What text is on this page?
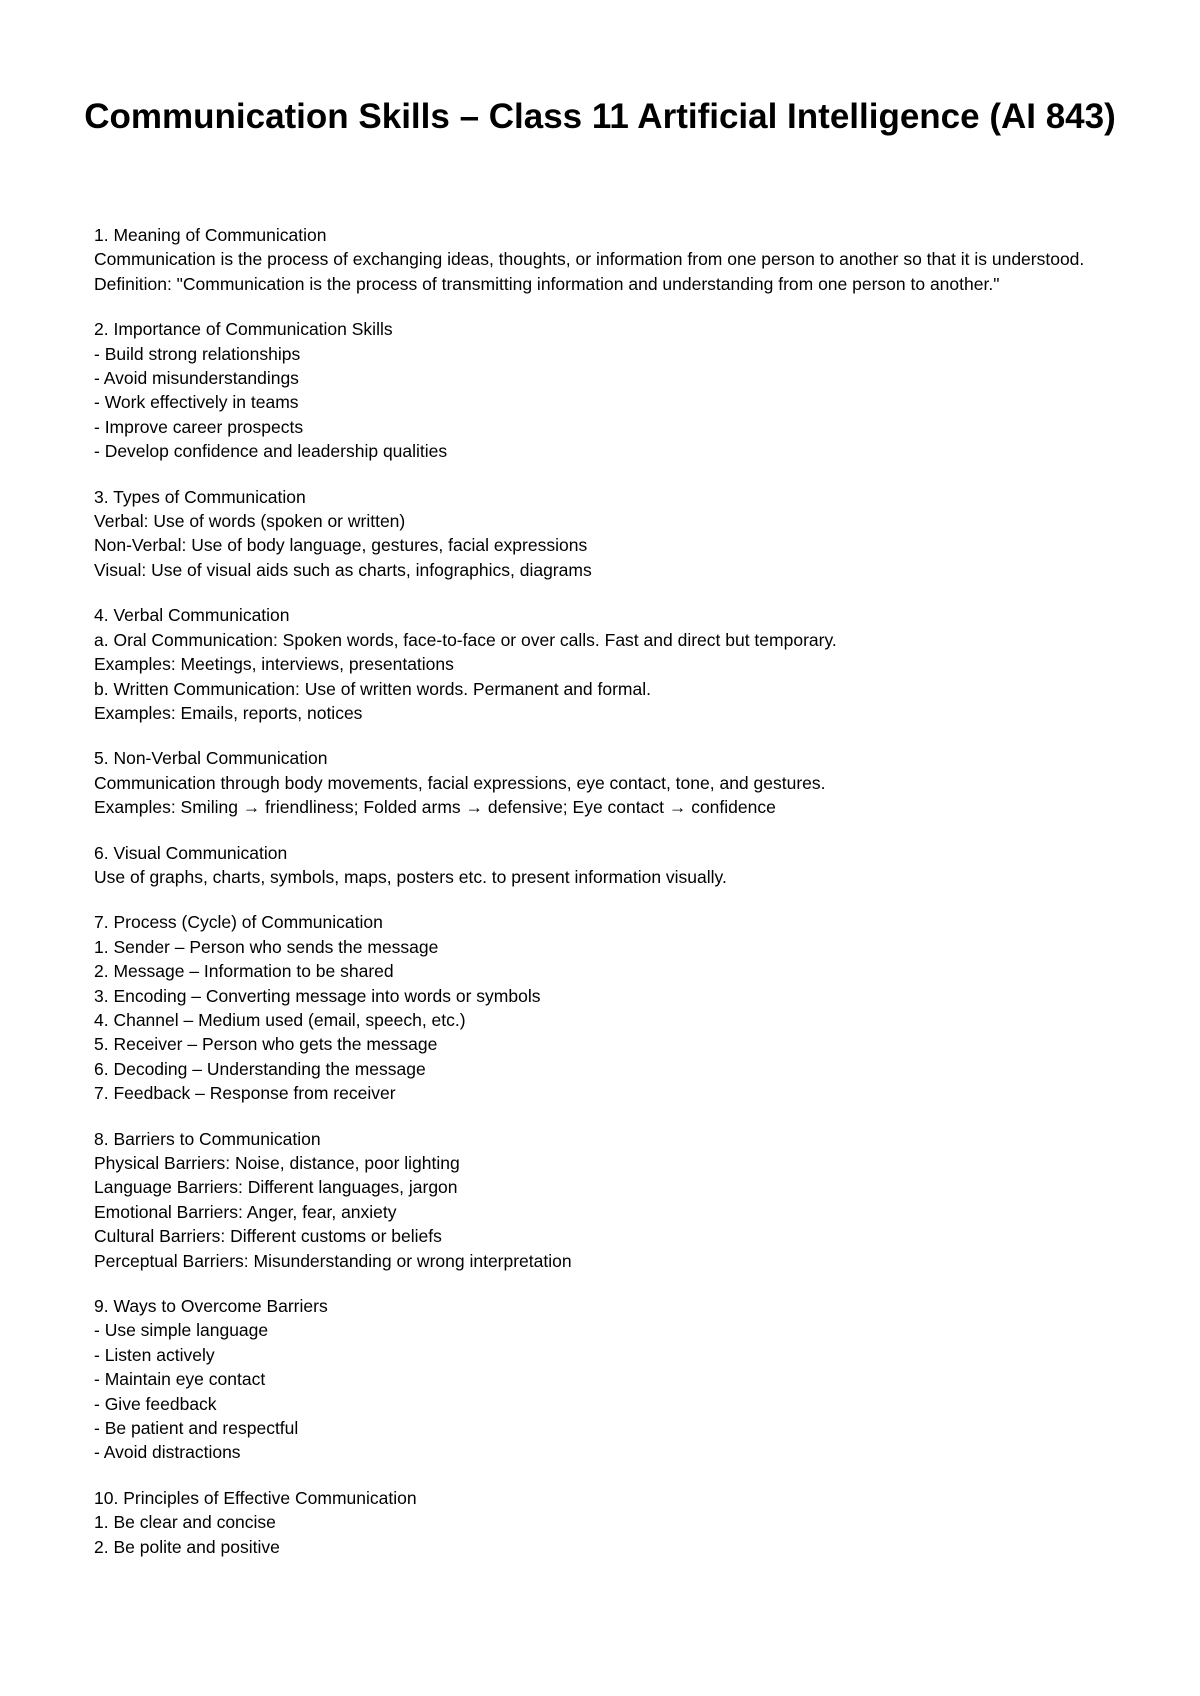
Communication Skills – Class 11 Artificial Intelligence (AI 843)
1. Meaning of Communication
Communication is the process of exchanging ideas, thoughts, or information from one person to another so that it is understood.
Definition: "Communication is the process of transmitting information and understanding from one person to another."
2. Importance of Communication Skills
- Build strong relationships
- Avoid misunderstandings
- Work effectively in teams
- Improve career prospects
- Develop confidence and leadership qualities
3. Types of Communication
Verbal: Use of words (spoken or written)
Non-Verbal: Use of body language, gestures, facial expressions
Visual: Use of visual aids such as charts, infographics, diagrams
4. Verbal Communication
a. Oral Communication: Spoken words, face-to-face or over calls. Fast and direct but temporary.
Examples: Meetings, interviews, presentations
b. Written Communication: Use of written words. Permanent and formal.
Examples: Emails, reports, notices
5. Non-Verbal Communication
Communication through body movements, facial expressions, eye contact, tone, and gestures.
Examples: Smiling → friendliness; Folded arms → defensive; Eye contact → confidence
6. Visual Communication
Use of graphs, charts, symbols, maps, posters etc. to present information visually.
7. Process (Cycle) of Communication
1. Sender – Person who sends the message
2. Message – Information to be shared
3. Encoding – Converting message into words or symbols
4. Channel – Medium used (email, speech, etc.)
5. Receiver – Person who gets the message
6. Decoding – Understanding the message
7. Feedback – Response from receiver
8. Barriers to Communication
Physical Barriers: Noise, distance, poor lighting
Language Barriers: Different languages, jargon
Emotional Barriers: Anger, fear, anxiety
Cultural Barriers: Different customs or beliefs
Perceptual Barriers: Misunderstanding or wrong interpretation
9. Ways to Overcome Barriers
- Use simple language
- Listen actively
- Maintain eye contact
- Give feedback
- Be patient and respectful
- Avoid distractions
10. Principles of Effective Communication
1. Be clear and concise
2. Be polite and positive
